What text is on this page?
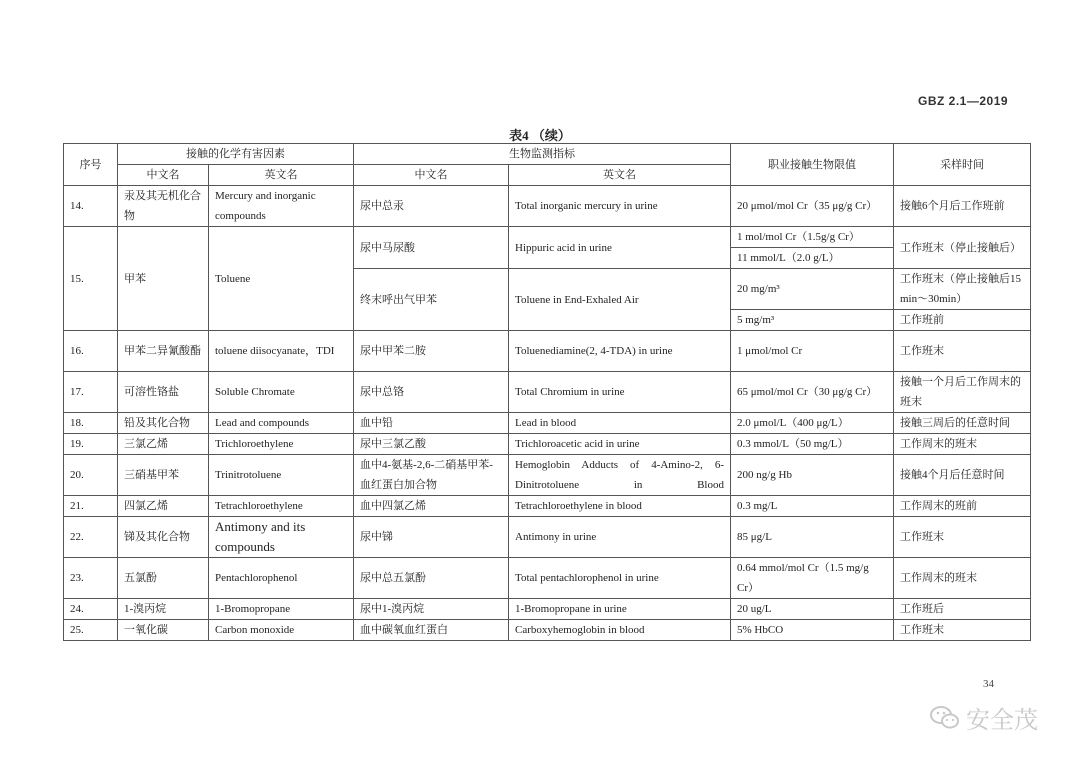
GBZ 2.1—2019
表4 （续）
序号	接触的化学有害因素		生物监测指标		职业接触生物限值	采样时间
	中文名	英文名	中文名	英文名		
14.	汞及其无机化合物	Mercury and inorganic compounds	尿中总汞	Total inorganic mercury in urine	20 μmol/mol Cr（35 μg/g Cr）	接触6个月后工作班前
15.	甲苯	Toluene	尿中马尿酸	Hippuric acid in urine	1 mol/mol Cr（1.5g/g Cr）	工作班末（停止接触后）
					11 mmol/L（2.0 g/L）	
			终末呼出气甲苯	Toluene in End-Exhaled Air	20 mg/m³	工作班末（停止接触后15 min～30min）

					5 mg/m³	工作班前
16.	甲苯二异氰酸酯	toluene diisocyanate，TDI	尿中甲苯二胺	Toluenediamine(2, 4-TDA) in urine	1 μmol/mol Cr	工作班末
17.	可溶性铬盐	Soluble Chromate	尿中总铬	Total Chromium in urine	65 μmol/mol Cr（30 μg/g Cr）	接触一个月后工作周末的班末
18.	铅及其化合物	Lead and compounds	血中铅	Lead in blood	2.0 μmol/L（400 μg/L）	接触三周后的任意时间
19.	三氯乙烯	Trichloroethylene	尿中三氯乙酸	Trichloroacetic acid in urine	0.3 mmol/L（50 mg/L）	工作周末的班末
20.	三硝基甲苯	Trinitrotoluene	血中4-氨基-2,6-二硝基甲苯-血红蛋白加合物	Hemoglobin Adducts of 4-Amino-2, 6-Dinitrotoluene in Blood	200 ng/g Hb	接触4个月后任意时间
21.	四氯乙烯	Tetrachloroethylene	血中四氯乙烯	Tetrachloroethylene in blood	0.3 mg/L	工作周末的班前
22.	锑及其化合物	Antimony and its compounds	尿中锑	Antimony in urine	85 μg/L	工作班末
23.	五氯酚	Pentachlorophenol	尿中总五氯酚	Total pentachlorophenol in urine	0.64 mmol/mol Cr（1.5 mg/g Cr）	工作周末的班末
24.	1-溴丙烷	1-Bromopropane	尿中1-溴丙烷	1-Bromopropane in urine	20 ug/L	工作班后
25.	一氧化碳	Carbon monoxide	血中碳氧血红蛋白	Carboxyhemoglobin in blood	5% HbCO	工作班末
34
安全茂
